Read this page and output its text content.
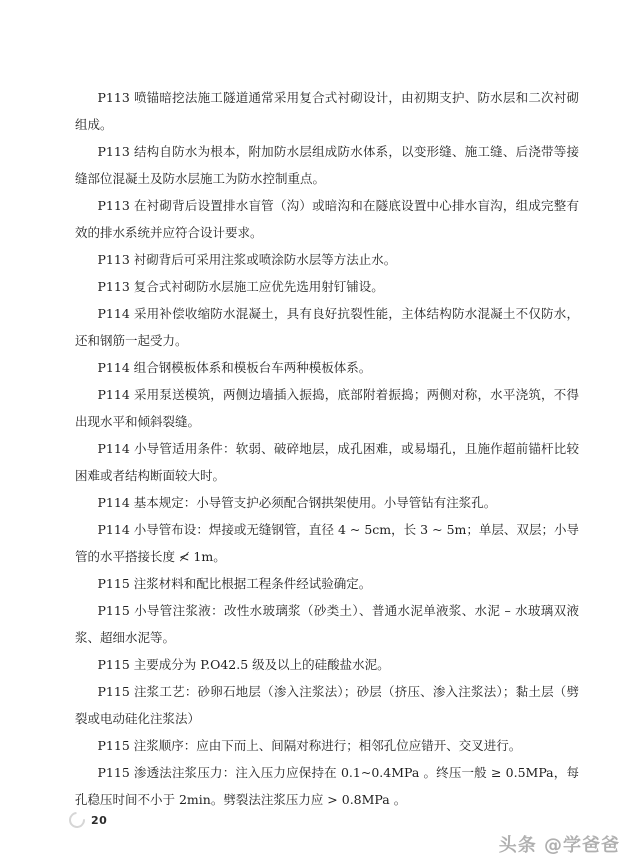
P113 喷锚暗挖法施工隧道通常采用复合式衬砌设计，由初期支护、防水层和二次衬砌组成。

P113 结构自防水为根本，附加防水层组成防水体系，以变形缝、施工缝、后浇带等接缝部位混凝土及防水层施工为防水控制重点。

P113 在衬砌背后设置排水盲管（沟）或暗沟和在隧底设置中心排水盲沟，组成完整有效的排水系统并应符合设计要求。

P113 衬砌背后可采用注浆或喷涂防水层等方法止水。

P113 复合式衬砌防水层施工应优先选用射钉铺设。

P114 采用补偿收缩防水混凝土，具有良好抗裂性能，主体结构防水混凝土不仅防水，还和钢筋一起受力。

P114 组合钢模板体系和模板台车两种模板体系。

P114 采用泵送模筑，两侧边墙插入振捣，底部附着振捣；两侧对称，水平浇筑，不得出现水平和倾斜裂缝。

P114 小导管适用条件：软弱、破碎地层，成孔困难，或易塌孔，且施作超前锚杆比较困难或者结构断面较大时。

P114 基本规定：小导管支护必须配合钢拱架使用。小导管钻有注浆孔。

P114 小导管布设：焊接或无缝钢管，直径 4 ~ 5cm，长 3 ~ 5m；单层、双层；小导管的水平搭接长度 ≮ 1m。

P115 注浆材料和配比根据工程条件经试验确定。

P115 小导管注浆液：改性水玻璃浆（砂类土）、普通水泥单液浆、水泥 – 水玻璃双液浆、超细水泥等。

P115 主要成分为 P.O42.5 级及以上的硅酸盐水泥。

P115 注浆工艺：砂卵石地层（渗入注浆法）；砂层（挤压、渗入注浆法）；黏土层（劈裂或电动硅化注浆法）

P115 注浆顺序：应由下而上、间隔对称进行；相邻孔位应错开、交叉进行。

P115 渗透法注浆压力：注入压力应保持在 0.1~0.4MPa 。终压一般 ≥ 0.5MPa，每孔稳压时间不小于 2min。劈裂法注浆压力应 > 0.8MPa 。

20
头条 @学爸爸
